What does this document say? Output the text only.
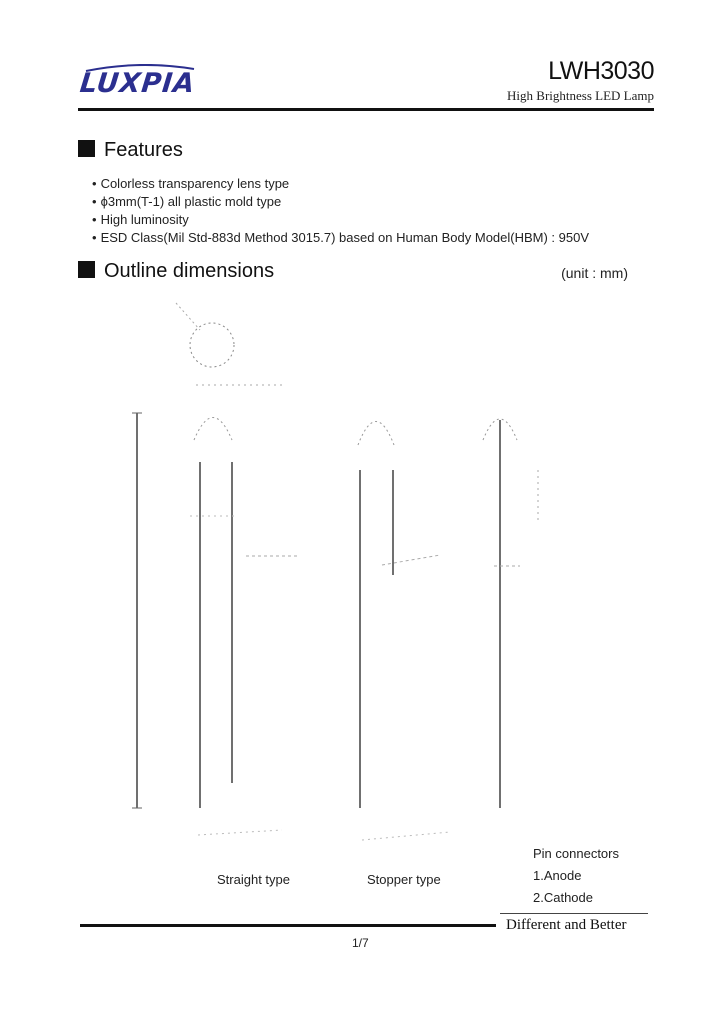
LUXPIA	LWH3030
High Brightness LED Lamp
Features
• Colorless transparency lens type
• ϕ3mm(T-1) all plastic mold type
• High luminosity
• ESD Class(Mil Std-883d Method 3015.7) based on Human Body Model(HBM) : 950V
Outline dimensions	(unit : mm)
Straight type	Stopper type
Pin connectors
1.Anode
2.Cathode
Different and Better
1/7
